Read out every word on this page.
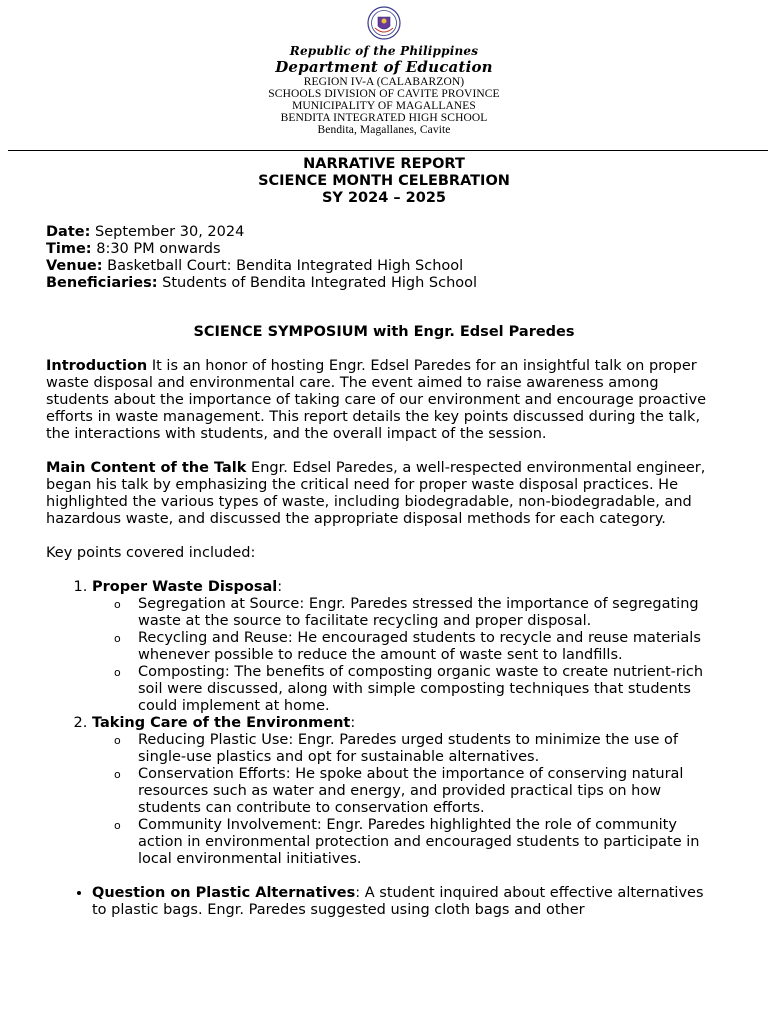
Republic of the Philippines
Department of Education
REGION IV-A (CALABARZON)
SCHOOLS DIVISION OF CAVITE PROVINCE
MUNICIPALITY OF MAGALLANES
BENDITA INTEGRATED HIGH SCHOOL
Bendita, Magallanes, Cavite
NARRATIVE REPORT
SCIENCE MONTH CELEBRATION
SY 2024 – 2025
Date: September 30, 2024
Time: 8:30 PM onwards
Venue: Basketball Court: Bendita Integrated High School
Beneficiaries: Students of Bendita Integrated High School
SCIENCE SYMPOSIUM with Engr. Edsel Paredes

Introduction It is an honor of hosting Engr. Edsel Paredes for an insightful talk on proper waste disposal and environmental care. The event aimed to raise awareness among students about the importance of taking care of our environment and encourage proactive efforts in waste management. This report details the key points discussed during the talk, the interactions with students, and the overall impact of the session.

Main Content of the Talk Engr. Edsel Paredes, a well-respected environmental engineer, began his talk by emphasizing the critical need for proper waste disposal practices. He highlighted the various types of waste, including biodegradable, non-biodegradable, and hazardous waste, and discussed the appropriate disposal methods for each category.

Key points covered included:

1. Proper Waste Disposal:
o Segregation at Source: Engr. Paredes stressed the importance of segregating waste at the source to facilitate recycling and proper disposal.
o Recycling and Reuse: He encouraged students to recycle and reuse materials whenever possible to reduce the amount of waste sent to landfills.
o Composting: The benefits of composting organic waste to create nutrient-rich soil were discussed, along with simple composting techniques that students could implement at home.
2. Taking Care of the Environment:
o Reducing Plastic Use: Engr. Paredes urged students to minimize the use of single-use plastics and opt for sustainable alternatives.
o Conservation Efforts: He spoke about the importance of conserving natural resources such as water and energy, and provided practical tips on how students can contribute to conservation efforts.
o Community Involvement: Engr. Paredes highlighted the role of community action in environmental protection and encouraged students to participate in local environmental initiatives.
• Question on Plastic Alternatives: A student inquired about effective alternatives to plastic bags. Engr. Paredes suggested using cloth bags and other
